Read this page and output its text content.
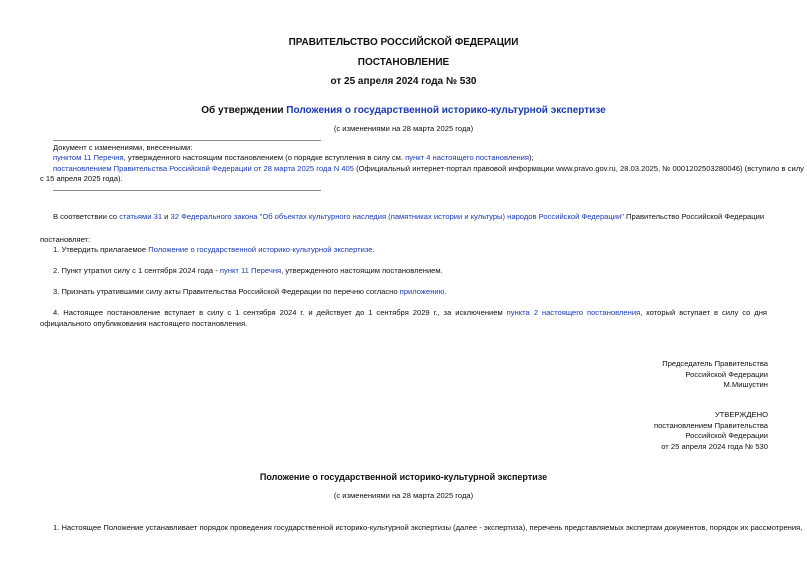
ПРАВИТЕЛЬСТВО РОССИЙСКОЙ ФЕДЕРАЦИИ
ПОСТАНОВЛЕНИЕ
от 25 апреля 2024 года № 530
Об утверждении Положения о государственной историко-культурной экспертизе
(с изменениями на 28 марта 2025 года)
Документ с изменениями, внесенными:
пунктом 11 Перечня, утвержденного настоящим постановлением (о порядке вступления в силу см. пункт 4 настоящего постановления);
постановлением Правительства Российской Федерации от 28 марта 2025 года N 405 (Официальный интернет-портал правовой информации www.pravo.gov.ru, 28.03.2025, № 0001202503280046) (вступило в силу
с 15 апреля 2025 года).
В соответствии со статьями 31 и 32 Федерального закона "Об объектах культурного наследия (памятниках истории и культуры) народов Российской Федерации" Правительство Российской Федерации
постановляет:
1. Утвердить прилагаемое Положение о государственной историко-культурной экспертизе.
2. Пункт утратил силу с 1 сентября 2024 года - пункт 11 Перечня, утвержденного настоящим постановлением.
3. Признать утратившими силу акты Правительства Российской Федерации по перечню согласно приложению.
4. Настоящее постановление вступает в силу с 1 сентября 2024 г. и действует до 1 сентября 2029 г., за исключением пункта 2 настоящего постановления, который вступает в силу со дня официального опубликования настоящего постановления.
Председатель Правительства
Российской Федерации
М.Мишустин
УТВЕРЖДЕНО
постановлением Правительства
Российской Федерации
от 25 апреля 2024 года № 530
Положение о государственной историко-культурной экспертизе
(с изменениями на 28 марта 2025 года)
1. Настоящее Положение устанавливает порядок проведения государственной историко-культурной экспертизы (далее - экспертиза), перечень представляемых экспертам документов, порядок их рассмотрения,
